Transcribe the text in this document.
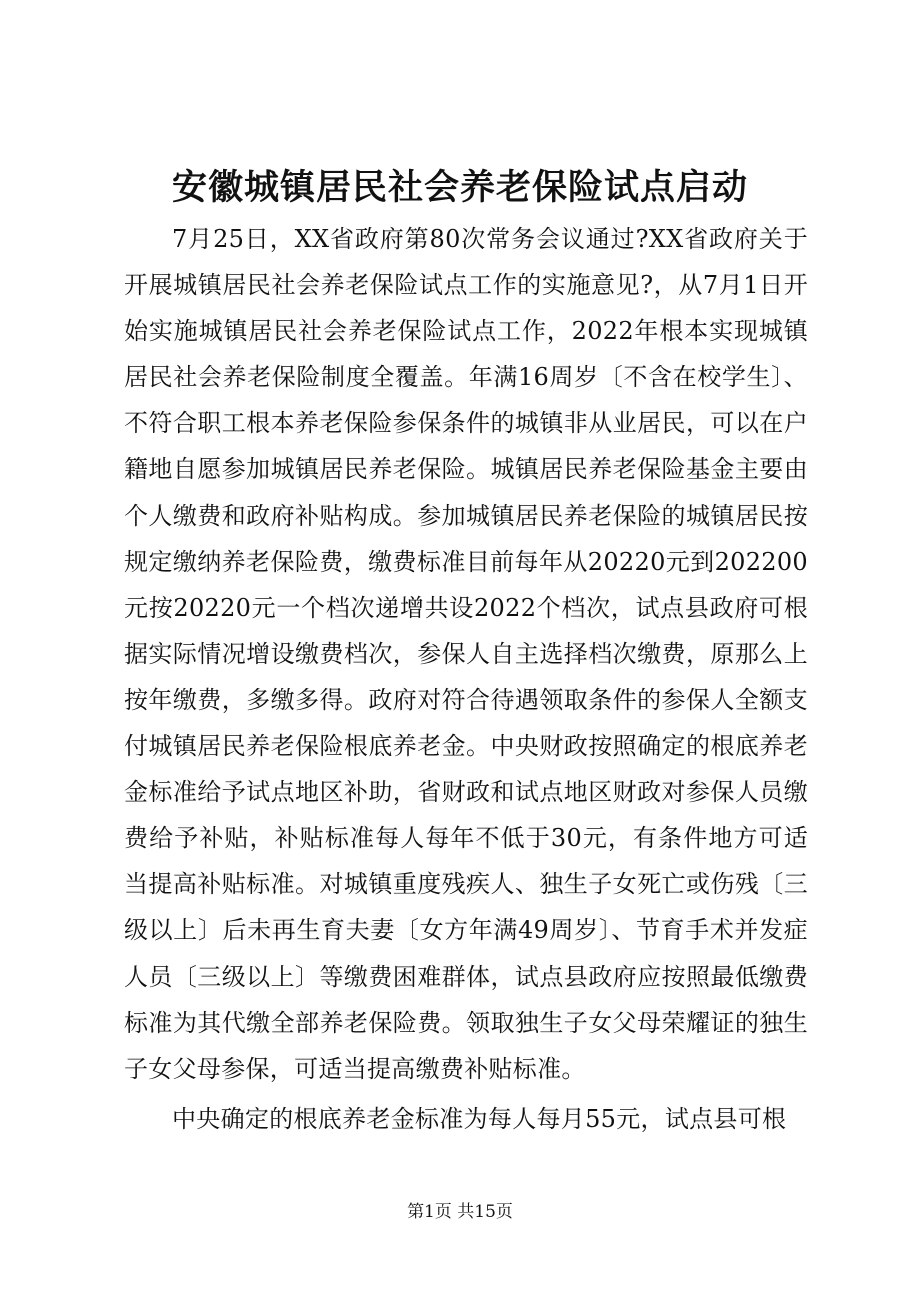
安徽城镇居民社会养老保险试点启动

7月25日，XX省政府第80次常务会议通过?XX省政府关于开展城镇居民社会养老保险试点工作的实施意见?，从7月1日开始实施城镇居民社会养老保险试点工作，2022年根本实现城镇居民社会养老保险制度全覆盖。年满16周岁〔不含在校学生〕、不符合职工根本养老保险参保条件的城镇非从业居民，可以在户籍地自愿参加城镇居民养老保险。城镇居民养老保险基金主要由个人缴费和政府补贴构成。参加城镇居民养老保险的城镇居民按规定缴纳养老保险费，缴费标准目前每年从20220元到202200元按20220元一个档次递增共设2022个档次，试点县政府可根据实际情况增设缴费档次，参保人自主选择档次缴费，原那么上按年缴费，多缴多得。政府对符合待遇领取条件的参保人全额支付城镇居民养老保险根底养老金。中央财政按照确定的根底养老金标准给予试点地区补助，省财政和试点地区财政对参保人员缴费给予补贴，补贴标准每人每年不低于30元，有条件地方可适当提高补贴标准。对城镇重度残疾人、独生子女死亡或伤残〔三级以上〕后未再生育夫妻〔女方年满49周岁〕、节育手术并发症人员〔三级以上〕等缴费困难群体，试点县政府应按照最低缴费标准为其代缴全部养老保险费。领取独生子女父母荣耀证的独生子女父母参保，可适当提高缴费补贴标准。

中央确定的根底养老金标准为每人每月55元，试点县可根

第1页 共15页
